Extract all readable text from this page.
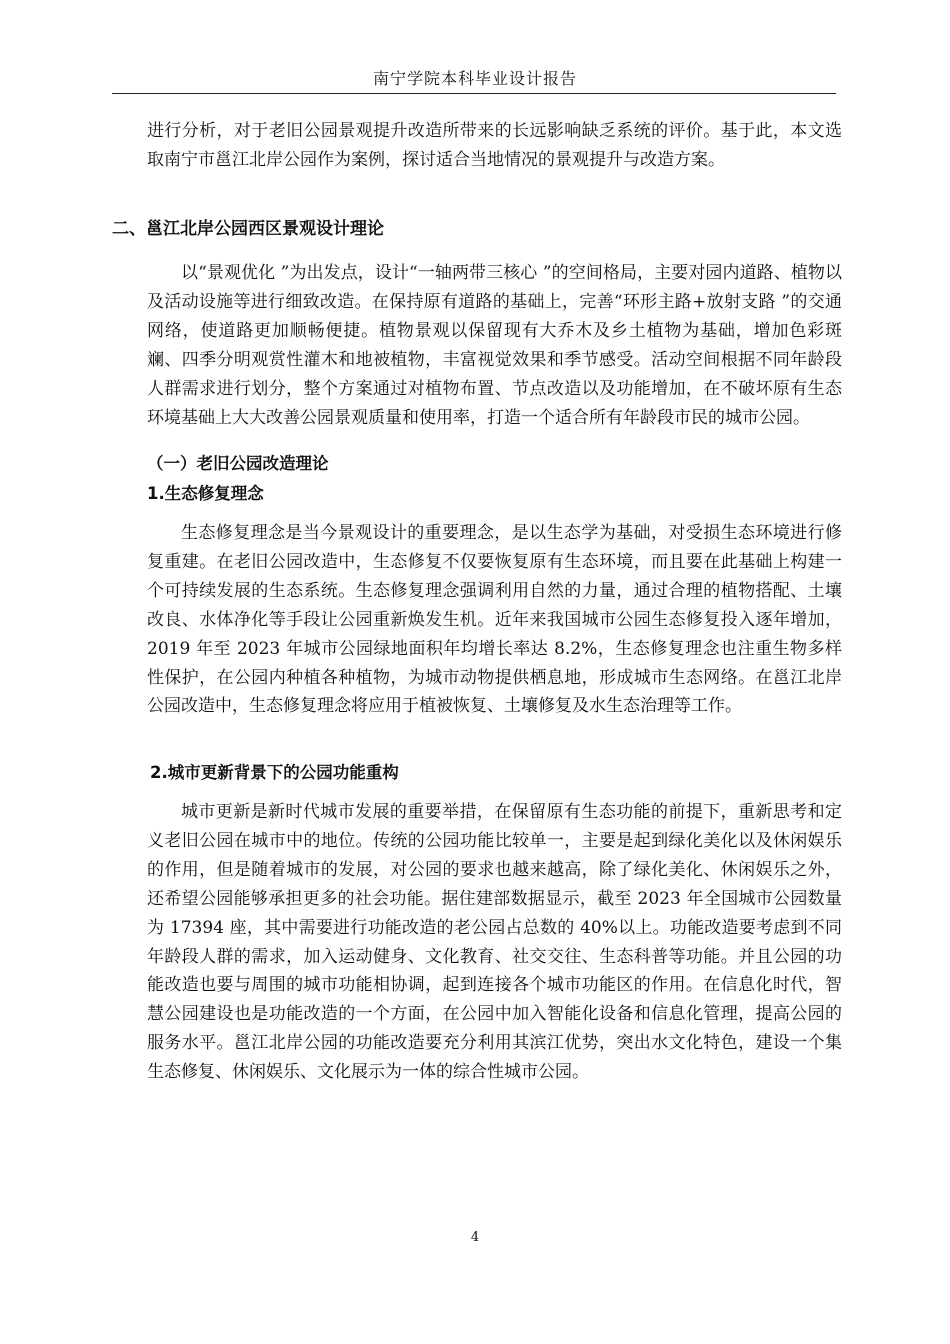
南宁学院本科毕业设计报告

进行分析，对于老旧公园景观提升改造所带来的长远影响缺乏系统的评价。基于此，本文选取南宁市邕江北岸公园作为案例，探讨适合当地情况的景观提升与改造方案。

二、邕江北岸公园西区景观设计理论

以“景观优化 ”为出发点，设计“一轴两带三核心 ”的空间格局，主要对园内道路、植物以及活动设施等进行细致改造。在保持原有道路的基础上，完善“环形主路+放射支路 ”的交通网络，使道路更加顺畅便捷。植物景观以保留现有大乔木及乡土植物为基础，增加色彩斑斓、四季分明观赏性灌木和地被植物，丰富视觉效果和季节感受。活动空间根据不同年龄段人群需求进行划分，整个方案通过对植物布置、节点改造以及功能增加，在不破坏原有生态环境基础上大大改善公园景观质量和使用率，打造一个适合所有年龄段市民的城市公园。

（一）老旧公园改造理论
1.生态修复理念

生态修复理念是当今景观设计的重要理念，是以生态学为基础，对受损生态环境进行修复重建。在老旧公园改造中，生态修复不仅要恢复原有生态环境，而且要在此基础上构建一个可持续发展的生态系统。生态修复理念强调利用自然的力量，通过合理的植物搭配、土壤改良、水体净化等手段让公园重新焕发生机。近年来我国城市公园生态修复投入逐年增加，2019 年至 2023 年城市公园绿地面积年均增长率达 8.2%，生态修复理念也注重生物多样性保护，在公园内种植各种植物，为城市动物提供栖息地，形成城市生态网络。在邕江北岸公园改造中，生态修复理念将应用于植被恢复、土壤修复及水生态治理等工作。

2.城市更新背景下的公园功能重构

城市更新是新时代城市发展的重要举措，在保留原有生态功能的前提下，重新思考和定义老旧公园在城市中的地位。传统的公园功能比较单一，主要是起到绿化美化以及休闲娱乐的作用，但是随着城市的发展，对公园的要求也越来越高，除了绿化美化、休闲娱乐之外，还希望公园能够承担更多的社会功能。据住建部数据显示，截至 2023 年全国城市公园数量为 17394 座，其中需要进行功能改造的老公园占总数的 40%以上。功能改造要考虑到不同年龄段人群的需求，加入运动健身、文化教育、社交交往、生态科普等功能。并且公园的功能改造也要与周围的城市功能相协调，起到连接各个城市功能区的作用。在信息化时代，智慧公园建设也是功能改造的一个方面，在公园中加入智能化设备和信息化管理，提高公园的服务水平。邕江北岸公园的功能改造要充分利用其滨江优势，突出水文化特色，建设一个集生态修复、休闲娱乐、文化展示为一体的综合性城市公园。

4
